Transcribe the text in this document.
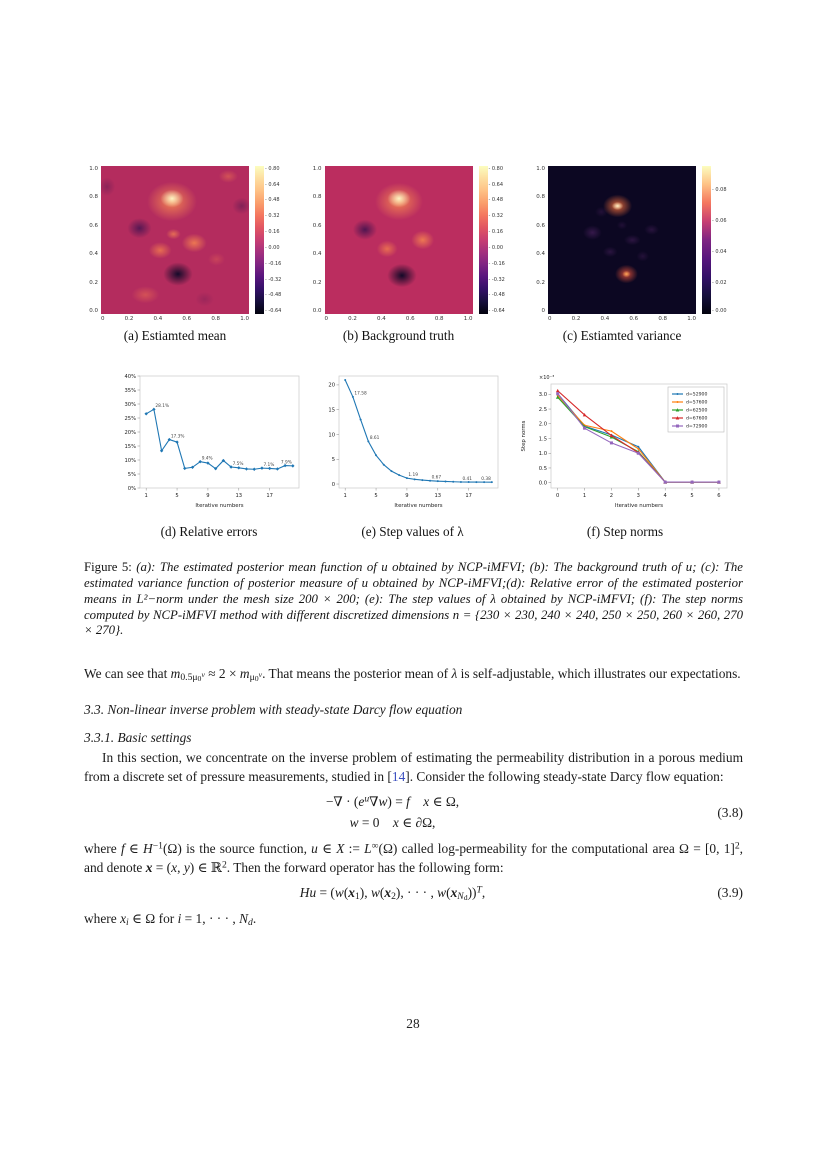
1.0
0.8
0.6
0.4
0.2
0.0
- 0.80
- 0.64
- 0.48
- 0.32
- 0.16
- 0.00
- -0.16
- -0.32
- -0.48
- -0.64
0	0.2	0.4	0.6	0.8	1.0
(a) Estiamted mean
1.0
0.8
0.6
0.4
0.2
0.0
- 0.80
- 0.64
- 0.48
- 0.32
- 0.16
- 0.00
- -0.16
- -0.32
- -0.48
- -0.64
0	0.2	0.4	0.6	0.8	1.0
(b) Background truth
1.0
0.8
0.6
0.4
0.2
0
- 0.08
- 0.06
- 0.04
- 0.02
- 0.00
0	0.2	0.4	0.6	0.8	1.0
(c) Estiamted variance
0%
5%
10%
15%
20%
25%
30%
35%
40%
1	5	9	13	17
Iterative numbers
28.1%
17.3%
9.4%
7.5%	7.1% 7.9%
(d) Relative errors
0
5
10
15
20
1	5	9	13	17
Iterative numbers
17.58
8.61
1.19
0.67	0.41 0.38
(e) Step values of λ
0.0
0.5
1.0
1.5
2.0
2.5
3.0
0	1	2	3	4	5	6
Iterative numbers
Step norms
×10⁻³
d=52900
d=57600
d=62500
d=67600
d=72900
(f) Step norms

Figure 5: (a): The estimated posterior mean function of u obtained by NCP-iMFVI; (b): The background truth of u; (c): The estimated variance function of posterior measure of u obtained by NCP-iMFVI;(d): Relative error of the estimated posterior means in L²−norm under the mesh size 200 × 200; (e): The step values of λ obtained by NCP-iMFVI; (f): The step norms computed by NCP-iMFVI method with different discretized dimensions n = {230 × 230, 240 × 240, 250 × 250, 260 × 260, 270 × 270}.

We can see that $m0.5\mu_0v \approx 2 \times m\mu_0v$. That means the posterior mean of λ is self-adjustable, which illustrates our expectations.

3.3. Non-linear inverse problem with steady-state Darcy flow equation
3.3.1. Basic settings

In this section, we concentrate on the inverse problem of estimating the permeability distribution in a porous medium from a discrete set of pressure measurements, studied in [14]. Consider the following steady-state Darcy flow equation:

−∇ · $(e^u\nabla w) = f$  x ∈ Ω,
w = 0  x ∈ ∂Ω,
(3.8)

where f ∈ $H^{-1}(\Omega)$ is the source function, u ∈ X := L∞(Ω) called log-permeability for the computational area Ω = [0, 1]$^2$, and denote x = (x, y) ∈ ℝ$^2$. Then the forward operator has the following form:

Hu = (w(x1), w(x2), · · · , $w(xN_d))^T$,	(3.9)

where xi ∈ Ω for i = 1, · · · , Nd.

28
